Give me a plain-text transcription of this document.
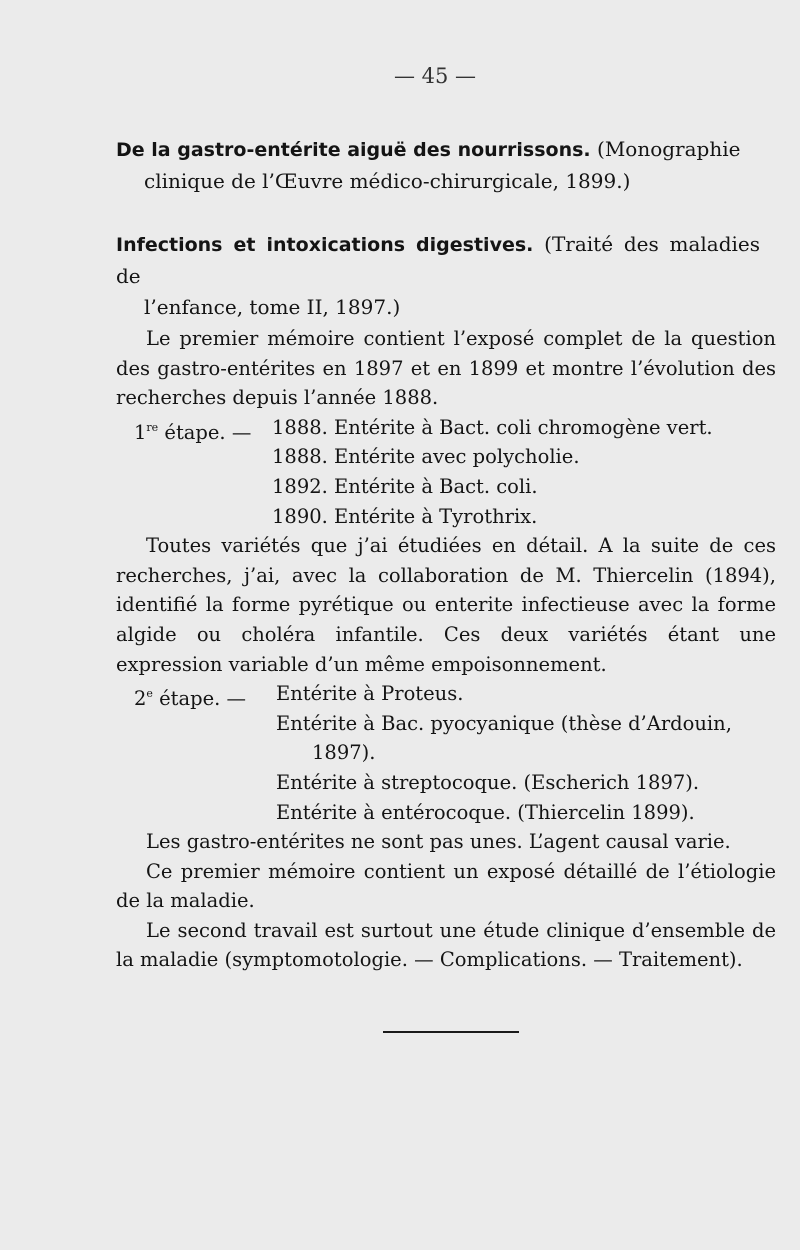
— 45 —
De la gastro-entérite aiguë des nourrissons. (Monographie
clinique de l’Œuvre médico-chirurgicale, 1899.)
Infections et intoxications digestives. (Traité des maladies de
l’enfance, tome II, 1897.)

Le premier mémoire contient l’exposé complet de la question des gastro-entérites en 1897 et en 1899 et montre l’évolution des recherches depuis l’année 1888.

1re étape. — 1888. Entérite à Bact. coli chromogène vert.
1888. Entérite avec polycholie.
1892. Entérite à Bact. coli.
1890. Entérite à Tyrothrix.

Toutes variétés que j’ai étudiées en détail. A la suite de ces recherches, j’ai, avec la collaboration de M. Thiercelin (1894), identifié la forme pyrétique ou enterite infectieuse avec la forme algide ou choléra infantile. Ces deux variétés étant une expression variable d’un même empoisonnement.

2e étape. — Entérite à Proteus.
Entérite à Bac. pyocyanique (thèse d’Ardouin,
1897).
Entérite à streptocoque. (Escherich 1897).
Entérite à entérocoque. (Thiercelin 1899).

Les gastro-entérites ne sont pas unes. L’agent causal varie.

Ce premier mémoire contient un exposé détaillé de l’étiologie de la maladie.

Le second travail est surtout une étude clinique d’ensemble de la maladie (symptomotologie. — Complications. — Traitement).
